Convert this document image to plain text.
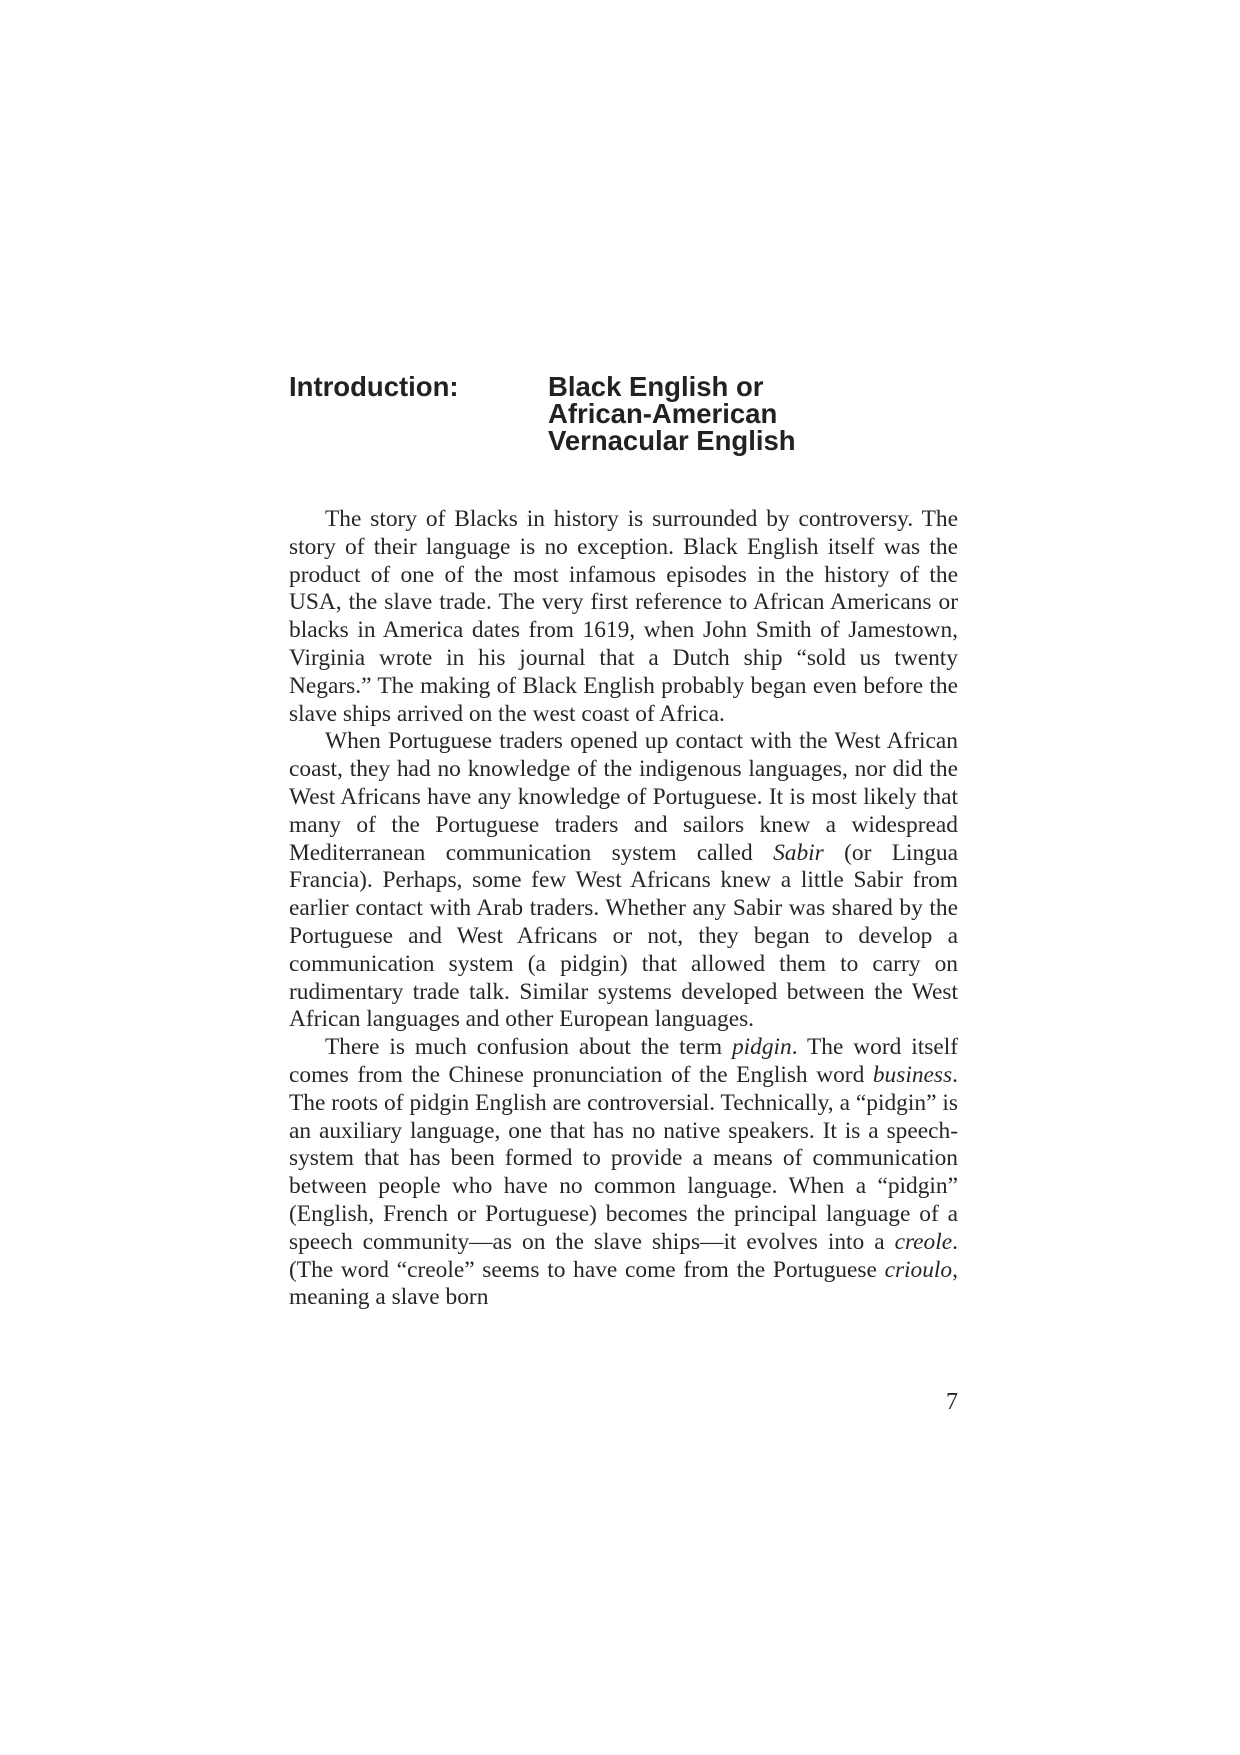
Introduction:	Black English or
African-American
Vernacular English

The story of Blacks in history is surrounded by controversy. The story of their language is no exception. Black English itself was the product of one of the most infamous episodes in the history of the USA, the slave trade. The very first reference to African Americans or blacks in America dates from 1619, when John Smith of Jamestown, Virginia wrote in his journal that a Dutch ship “sold us twenty Negars.” The making of Black English probably began even before the slave ships arrived on the west coast of Africa.

When Portuguese traders opened up contact with the West African coast, they had no knowledge of the indigenous languages, nor did the West Africans have any knowledge of Portuguese. It is most likely that many of the Portuguese traders and sailors knew a widespread Mediterranean communication system called Sabir (or Lingua Francia). Perhaps, some few West Africans knew a little Sabir from earlier contact with Arab traders. Whether any Sabir was shared by the Portuguese and West Africans or not, they began to develop a communication system (a pidgin) that allowed them to carry on rudimentary trade talk. Similar systems developed between the West African languages and other European languages.

There is much confusion about the term pidgin. The word itself comes from the Chinese pronunciation of the English word business. The roots of pidgin English are controversial. Technically, a “pidgin” is an auxiliary language, one that has no native speakers. It is a speech-system that has been formed to provide a means of communication between people who have no common language. When a “pidgin” (English, French or Portuguese) becomes the principal language of a speech community—as on the slave ships—it evolves into a creole. (The word “creole” seems to have come from the Portuguese crioulo, meaning a slave born

7
